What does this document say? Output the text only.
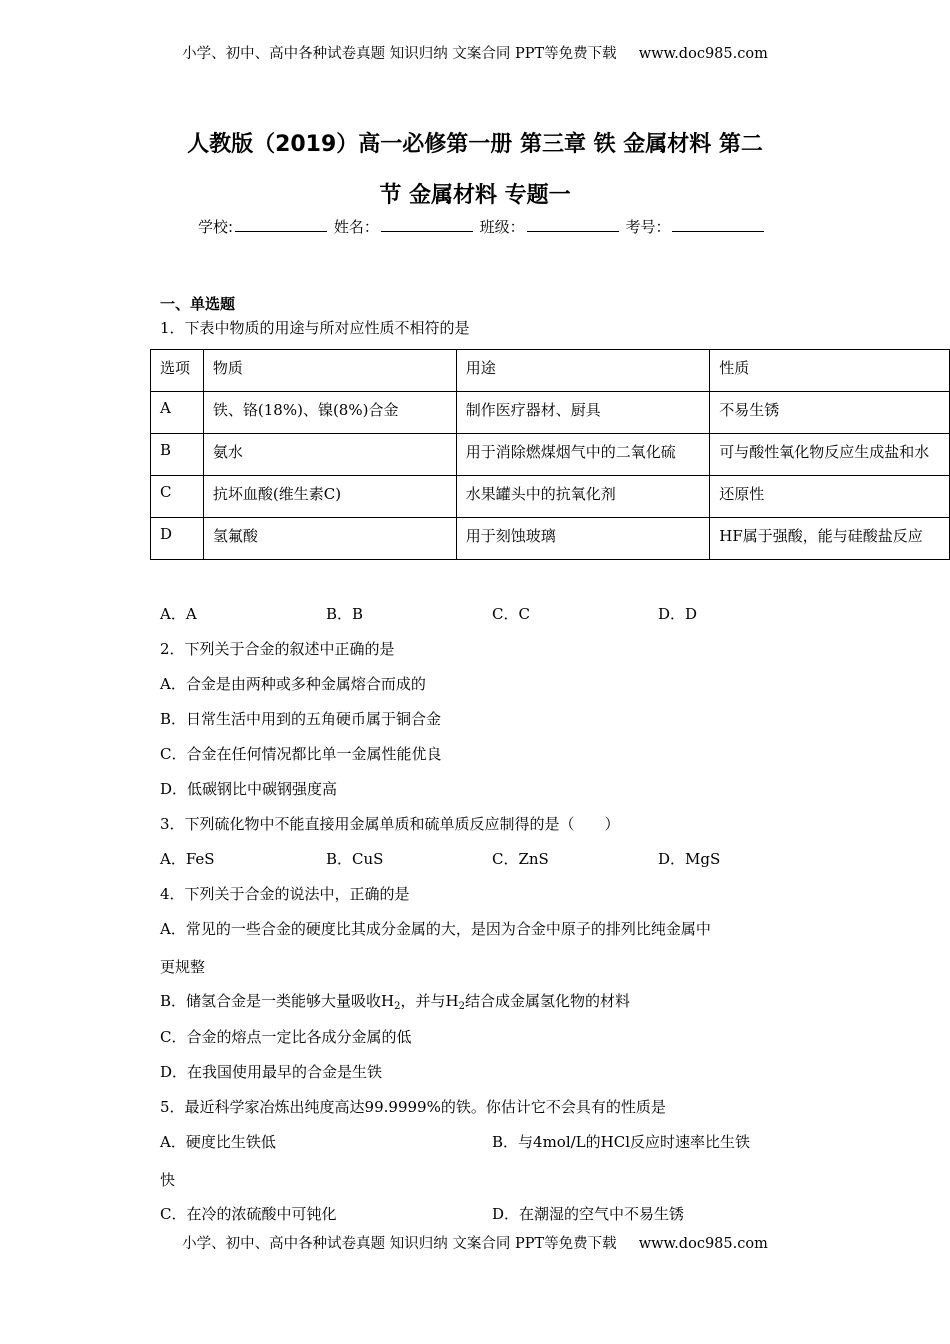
小学、初中、高中各种试卷真题 知识归纳 文案合同 PPT等免费下载 www.doc985.com
人教版（2019）高一必修第一册 第三章 铁 金属材料 第二
节 金属材料 专题一
学校:	姓名：	班级：	考号：
一、单选题
1．下表中物质的用途与所对应性质不相符的是
选项	物质	用途	性质
A	铁、铬(18%)、镍(8%)合金	制作医疗器材、厨具	不易生锈
B	氨水	用于消除燃煤烟气中的二氧化硫	可与酸性氧化物反应生成盐和水
C	抗坏血酸(维生素C)	水果罐头中的抗氧化剂	还原性
D	氢氟酸	用于刻蚀玻璃	HF属于强酸，能与硅酸盐反应
A．A	B．B	C．C	D．D
2．下列关于合金的叙述中正确的是
A．合金是由两种或多种金属熔合而成的
B．日常生活中用到的五角硬币属于铜合金
C．合金在任何情况都比单一金属性能优良
D．低碳钢比中碳钢强度高
3．下列硫化物中不能直接用金属单质和硫单质反应制得的是（　　）
A．FeS	B．CuS	C．ZnS	D．MgS
4．下列关于合金的说法中，正确的是
A．常见的一些合金的硬度比其成分金属的大，是因为合金中原子的排列比纯金属中
更规整
B．储氢合金是一类能够大量吸收$H_2$，并与$H_2$结合成金属氢化物的材料
C．合金的熔点一定比各成分金属的低
D．在我国使用最早的合金是生铁
5．最近科学家冶炼出纯度高达99.9999%的铁。你估计它不会具有的性质是
A．硬度比生铁低	B．与4mol/L的HCl反应时速率比生铁
快
C．在冷的浓硫酸中可钝化	D．在潮湿的空气中不易生锈
小学、初中、高中各种试卷真题 知识归纳 文案合同 PPT等免费下载 www.doc985.com
